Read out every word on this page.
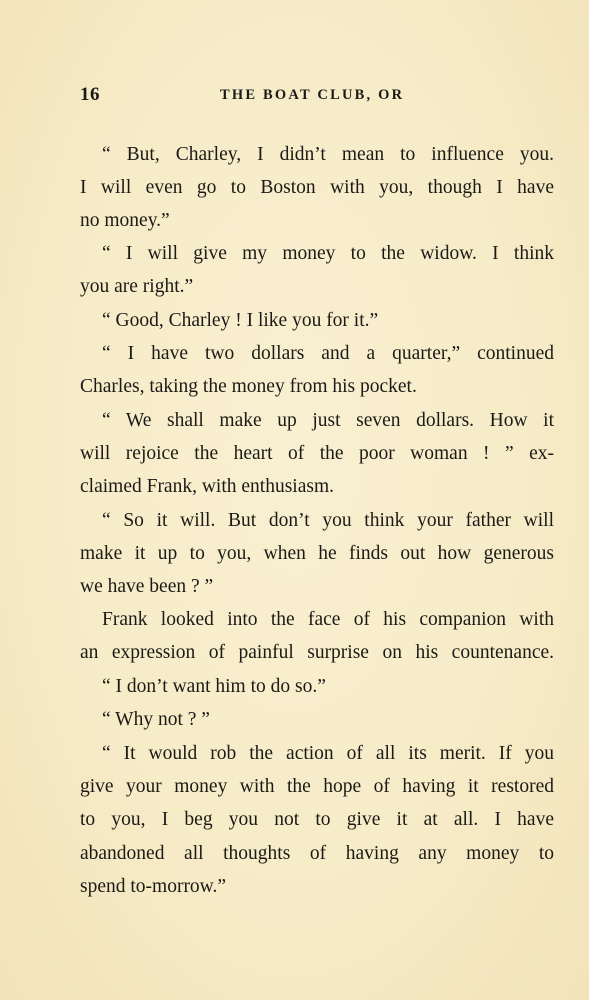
16	THE BOAT CLUB, OR
“ But, Charley, I didn’t mean to influence you.
I will even go to Boston with you, though I have
no money.”
“ I will give my money to the widow. I think
you are right.”
“ Good, Charley ! I like you for it.”
“ I have two dollars and a quarter,” continued
Charles, taking the money from his pocket.
“ We shall make up just seven dollars. How it
will rejoice the heart of the poor woman ! ” ex-
claimed Frank, with enthusiasm.
“ So it will. But don’t you think your father will
make it up to you, when he finds out how generous
we have been ? ”
Frank looked into the face of his companion with
an expression of painful surprise on his countenance.
“ I don’t want him to do so.”
“ Why not ? ”
“ It would rob the action of all its merit. If you
give your money with the hope of having it restored
to you, I beg you not to give it at all. I have
abandoned all thoughts of having any money to
spend to-morrow.”
